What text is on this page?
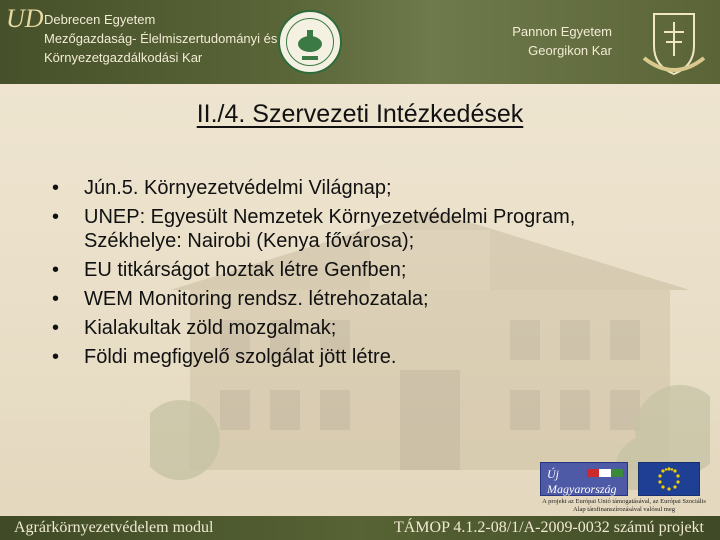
UD Debrecen Egyetem
Mezőgazdaság- Élelmiszertudományi és
Környezetgazdálkodási Kar
Pannon Egyetem
Georgikon Kar
II./4. Szervezeti Intézkedések
•	Jún.5. Környezetvédelmi Világnap;
•	UNEP: Egyesült Nemzetek Környezetvédelmi Program, Székhelye: Nairobi (Kenya fővárosa);
•	EU titkárságot hoztak létre Genfben;
•	WEM Monitoring rendsz. létrehozatala;
•	Kialakultak zöld mozgalmak;
•	Földi megfigyelő szolgálat jött létre.
Új Magyarország
A projekt az Európai Unió támogatásával, az Európai Szociális Alap társfinanszírozásával valósul meg
Agrárkörnyezetvédelem modul	TÁMOP 4.1.2-08/1/A-2009-0032 számú projekt
